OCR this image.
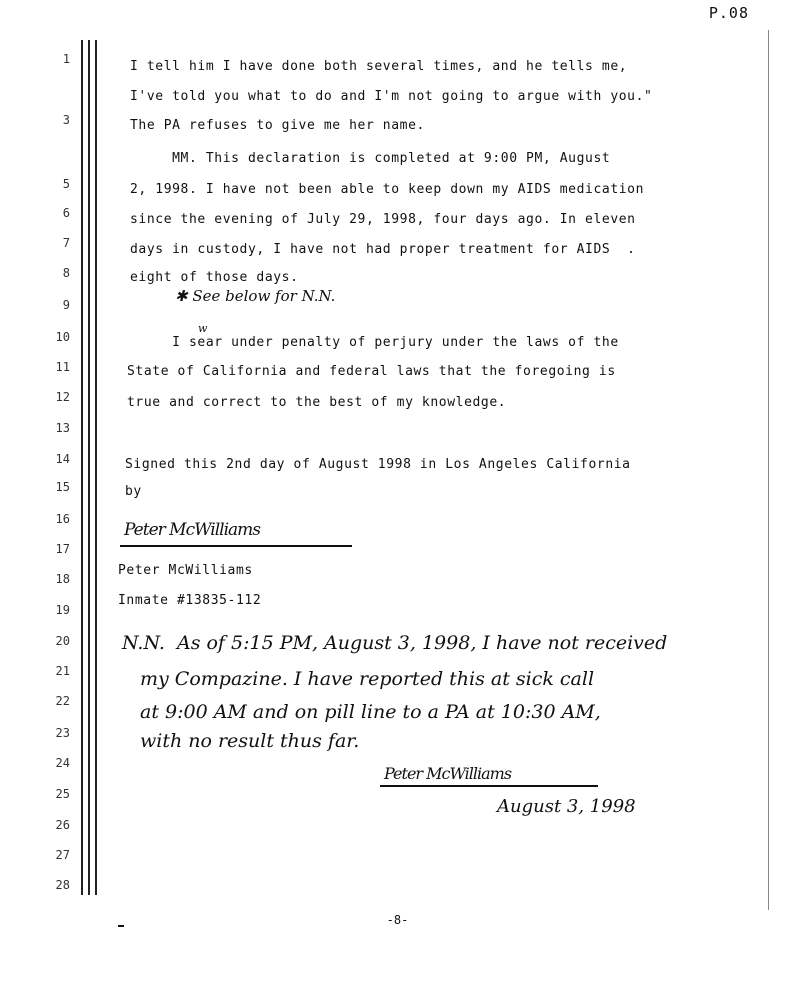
P.08
1
3
5
6
7
8
9
10
11
12
13
14
15
16
17
18
19
20
21
22
23
24
25
26
27
28
I tell him I have done both several times, and he tells me,
I've told you what to do and I'm not going to argue with you."
The PA refuses to give me her name.
MM. This declaration is completed at 9:00 PM, August
2, 1998. I have not been able to keep down my AIDS medication
since the evening of July 29, 1998, four days ago. In eleven
days in custody, I have not had proper treatment for AIDS  .
eight of those days.
✱ See below for N.N.
w
I sear under penalty of perjury under the laws of the
State of California and federal laws that the foregoing is
true and correct to the best of my knowledge.
Signed this 2nd day of August 1998 in Los Angeles California
by
Peter McWilliams
Peter McWilliams
Inmate #13835-112
N.N.  As of 5:15 PM, August 3, 1998, I have not received
my Compazine. I have reported this at sick call
at 9:00 AM and on pill line to a PA at 10:30 AM,
with no result thus far.
Peter McWilliams
August 3, 1998
-8-
